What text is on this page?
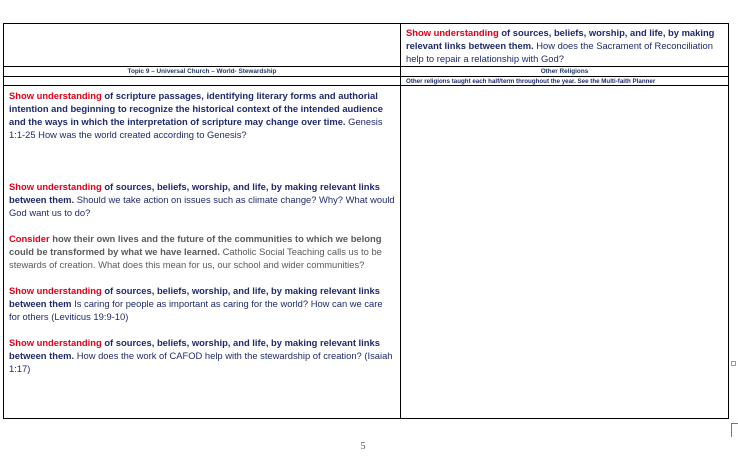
Show understanding of sources, beliefs, worship, and life, by making relevant links between them. How does the Sacrament of Reconciliation help to repair a relationship with God?
Topic 9 – Universal Church – World- Stewardship	Other Religions
Other religions taught each half/term throughout the year. See the Multi-faith Planner

Show understanding of scripture passages, identifying literary forms and authorial intention and beginning to recognize the historical context of the intended audience and the ways in which the interpretation of scripture may change over time. Genesis 1:1-25 How was the world created according to Genesis?

Show understanding of sources, beliefs, worship, and life, by making relevant links between them. Should we take action on issues such as climate change? Why? What would God want us to do?

Consider how their own lives and the future of the communities to which we belong could be transformed by what we have learned. Catholic Social Teaching calls us to be stewards of creation. What does this mean for us, our school and wider communities?

Show understanding of sources, beliefs, worship, and life, by making relevant links between them Is caring for people as important as caring for the world? How can we care for others (Leviticus 19:9-10)

Show understanding of sources, beliefs, worship, and life, by making relevant links between them. How does the work of CAFOD help with the stewardship of creation? (Isaiah 1:17)

5
